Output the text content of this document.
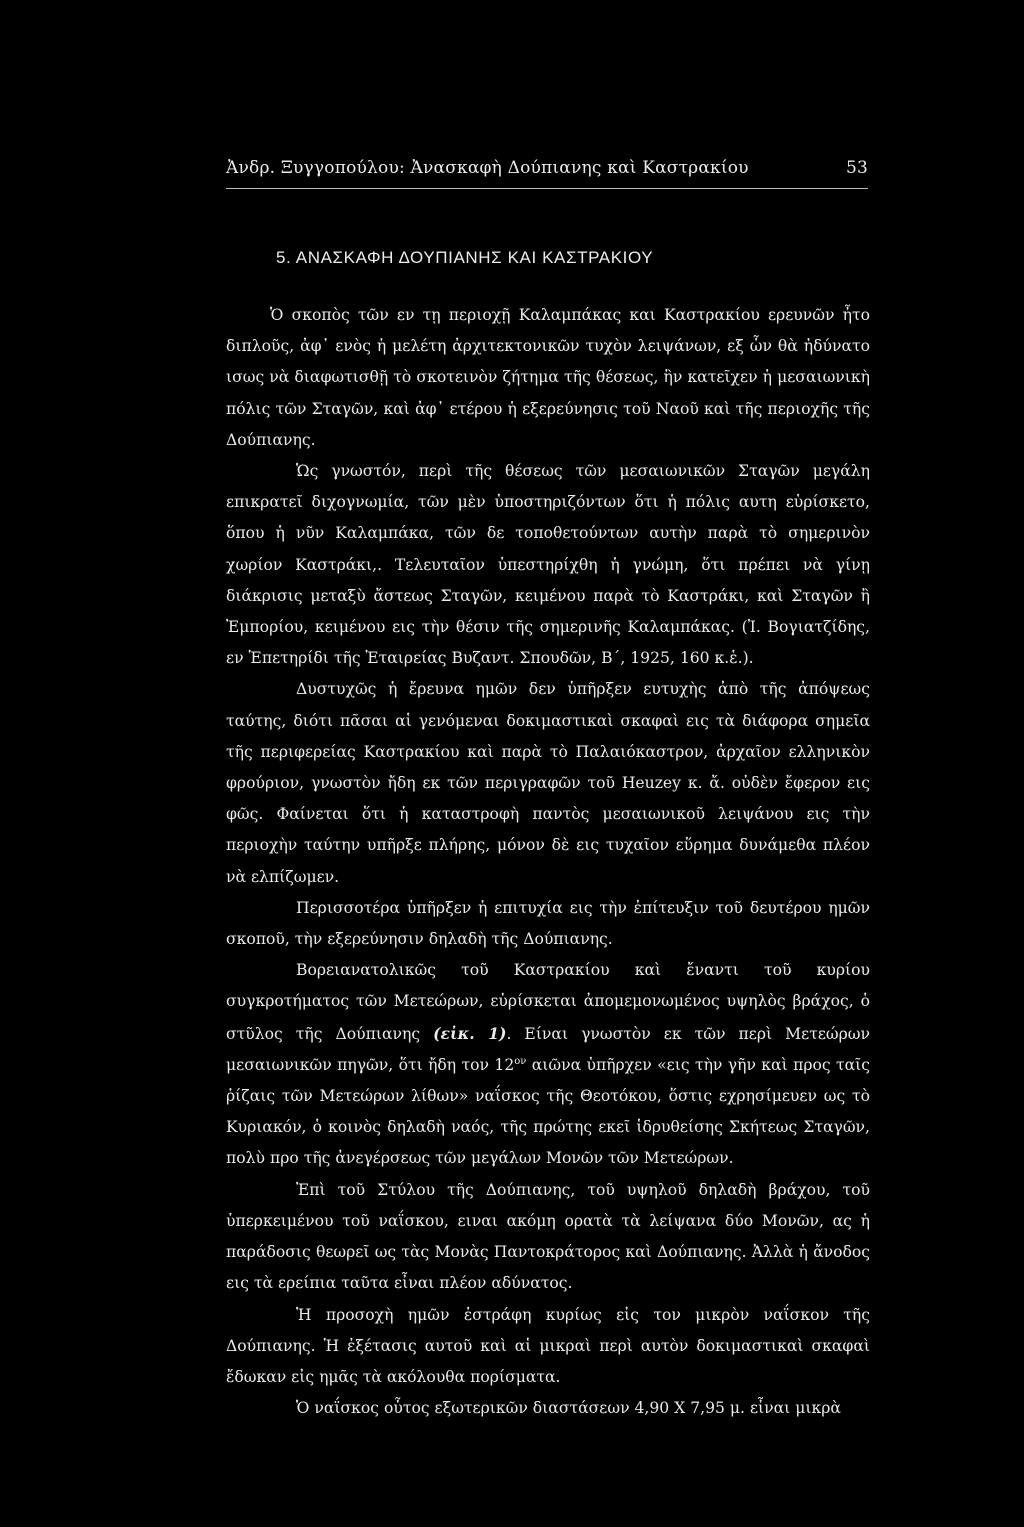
Ἀνδρ. Ξυγγοπούλου: Ἀνασκαφὴ Δούπιανης καὶ Καστρακίου	53
5. ΑΝΑΣΚΑΦΗ ΔΟΥΠΙΑΝΗΣ ΚΑΙ ΚΑΣΤΡΑΚΙΟΥ

Ὁ σκοπὸς τῶν εν τῃ περιοχῇ Καλαμπάκας και Καστρακίου ερευνῶν ἦτο διπλοῦς, ἀφ᾽ ενὸς ἡ μελέτη ἀρχιτεκτονικῶν τυχὸν λειψάνων, εξ ὧν θὰ ἠδύνατο ισως νὰ διαφωτισθῇ τὸ σκοτεινὸν ζήτημα τῆς θέσεως, ἣν κατεῖχεν ἡ μεσαιωνικὴ πόλις τῶν Σταγῶν, καὶ ἀφ᾽ ετέρου ἡ εξερεύνησις τοῦ Ναοῦ καὶ τῆς περιοχῆς τῆς Δούπιανης.

Ὡς γνωστόν, περὶ τῆς θέσεως τῶν μεσαιωνικῶν Σταγῶν μεγάλη επικρατεῖ διχογνωμία, τῶν μὲν ὑποστηριζόντων ὅτι ἡ πόλις αυτη εὑρίσκετο, ὅπου ἡ νῦν Καλαμπάκα, τῶν δε τοποθετούντων αυτὴν παρὰ τὸ σημερινὸν χωρίον Καστράκι,. Τελευταῖον ὑπεστηρίχθη ἡ γνώμη, ὅτι πρέπει νὰ γίνῃ διάκρισις μεταξὺ ἄστεως Σταγῶν, κειμένου παρὰ τὸ Καστράκι, καὶ Σταγῶν ἢ Ἐμπορίου, κειμένου εις τὴν θέσιν τῆς σημερινῆς Καλαμπάκας. (Ἰ. Βογιατζίδης, εν Ἐπετηρίδι τῆς Ἑταιρείας Βυζαντ. Σπουδῶν, Β΄, 1925, 160 κ.ἑ.).

Δυστυχῶς ἡ ἔρευνα ημῶν δεν ὑπῆρξεν ευτυχὴς ἀπὸ τῆς ἀπόψεως ταύτης, διότι πᾶσαι αἱ γενόμεναι δοκιμαστικαὶ σκαφαὶ εις τὰ διάφορα σημεῖα τῆς περιφερείας Καστρακίου καὶ παρὰ τὸ Παλαιόκαστρον, ἀρχαῖον ελληνικὸν φρούριον, γνωστὸν ἤδη εκ τῶν περιγραφῶν τοῦ Heuzey κ. ἄ. οὐδὲν ἔφερον εις φῶς. Φαίνεται ὅτι ἡ καταστροφὴ παντὸς μεσαιωνικοῦ λειψάνου εις τὴν περιοχὴν ταύτην υπῆρξε πλήρης, μόνον δὲ εις τυχαῖον εὕρημα δυνάμεθα πλέον νὰ ελπίζωμεν.

Περισσοτέρα ὑπῆρξεν ἡ επιτυχία εις τὴν ἐπίτευξιν τοῦ δευτέρου ημῶν σκοποῦ, τὴν εξερεύνησιν δηλαδὴ τῆς Δούπιανης.

Βορειανατολικῶς τοῦ Καστρακίου καὶ ἔναντι τοῦ κυρίου συγκροτήματος τῶν Μετεώρων, εὑρίσκεται ἀπομεμονωμένος υψηλὸς βράχος, ὁ στῦλος τῆς Δούπιανης (εἰκ. 1). Είναι γνωστὸν εκ τῶν περὶ Μετεώρων μεσαιωνικῶν πηγῶν, ὅτι ἤδη τον $12^{o\nu}$ αιῶνα ὑπῆρχεν «εις τὴν γῆν καὶ προς ταῖς ῥίζαις τῶν Μετεώρων λίθων» ναΐσκος τῆς Θεοτόκου, ὅστις εχρησίμευεν ως τὸ Κυριακόν, ὁ κοινὸς δηλαδὴ ναός, τῆς πρώτης εκεῖ ἱδρυθείσης Σκήτεως Σταγῶν, πολὺ προ τῆς ἀνεγέρσεως τῶν μεγάλων Μονῶν τῶν Μετεώρων.

Ἐπὶ τοῦ Στύλου τῆς Δούπιανης, τοῦ υψηλοῦ δηλαδὴ βράχου, τοῦ ὑπερκειμένου τοῦ ναΐσκου, ειναι ακόμη ορατὰ τὰ λείψανα δύο Μονῶν, ας ἡ παράδοσις θεωρεῖ ως τὰς Μονὰς Παντοκράτορος καὶ Δούπιανης. Ἀλλὰ ἡ ἄνοδος εις τὰ ερείπια ταῦτα εἶναι πλέον αδύνατος.

Ἡ προσοχὴ ημῶν ἐστράφη κυρίως εἰς τον μικρὸν ναΐσκον τῆς Δούπιανης. Ἡ ἐξέτασις αυτοῦ καὶ αἱ μικραὶ περὶ αυτὸν δοκιμαστικαὶ σκαφαὶ ἔδωκαν εἰς ημᾶς τὰ ακόλουθα πορίσματα.

Ὁ ναΐσκος οὗτος εξωτερικῶν διαστάσεων 4,90 X 7,95 μ. εἶναι μικρὰ
